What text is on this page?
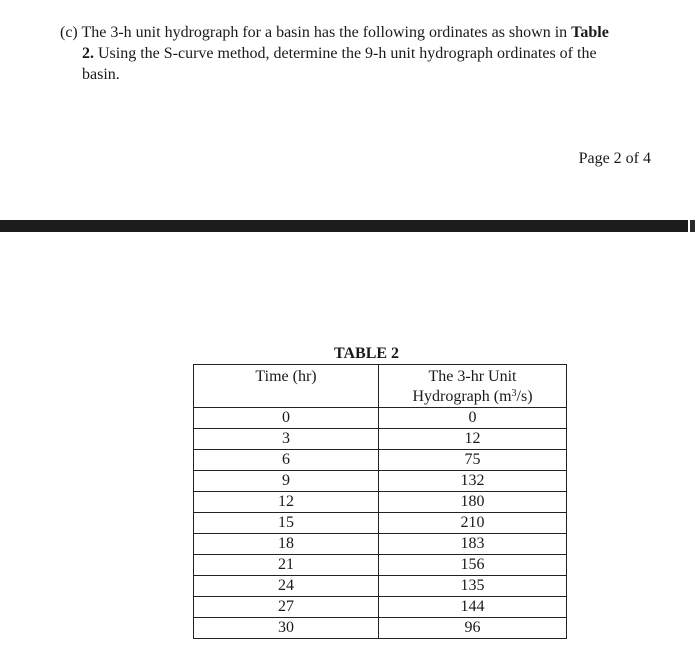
(c) The 3-h unit hydrograph for a basin has the following ordinates as shown in Table
2. Using the S-curve method, determine the 9-h unit hydrograph ordinates of the
basin.
Page 2 of 4
TABLE 2
Time (hr)	The 3-hr Unit
Hydrograph $(m^3/s)$
0	0
3	12
6	75
9	132
12	180
15	210
18	183
21	156
24	135
27	144
30	96
